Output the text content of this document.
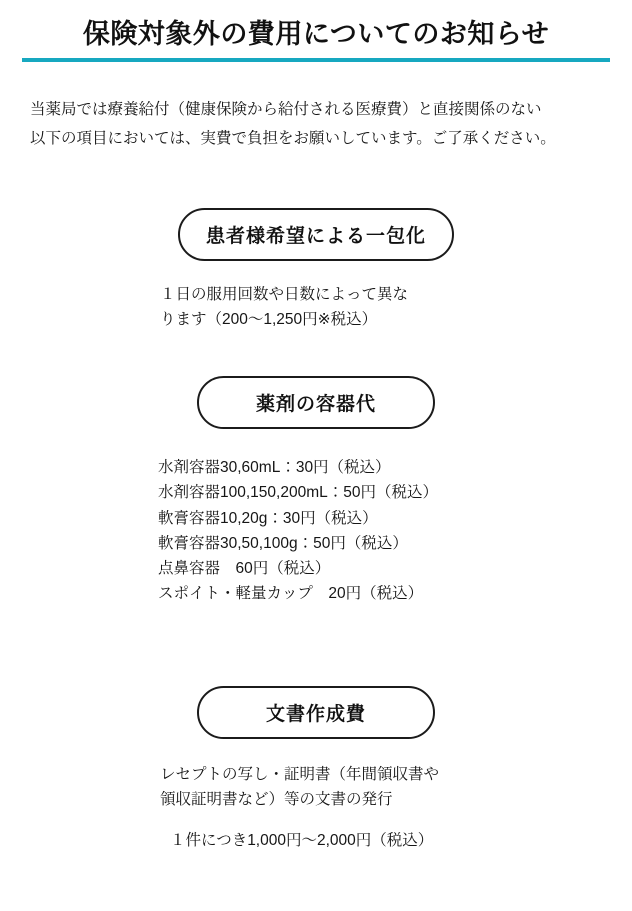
保険対象外の費用についてのお知らせ
当薬局では療養給付（健康保険から給付される医療費）と直接関係のない
以下の項目においては、実費で負担をお願いしています。ご了承ください。
患者様希望による一包化
１日の服用回数や日数によって異な
ります（200〜1,250円※税込）
薬剤の容器代
水剤容器30,60mL：30円（税込）
水剤容器100,150,200mL：50円（税込）
軟膏容器10,20g：30円（税込）
軟膏容器30,50,100g：50円（税込）
点鼻容器　60円（税込）
スポイト・軽量カップ　20円（税込）
文書作成費
レセプトの写し・証明書（年間領収書や
領収証明書など）等の文書の発行
１件につき1,000円〜2,000円（税込）
